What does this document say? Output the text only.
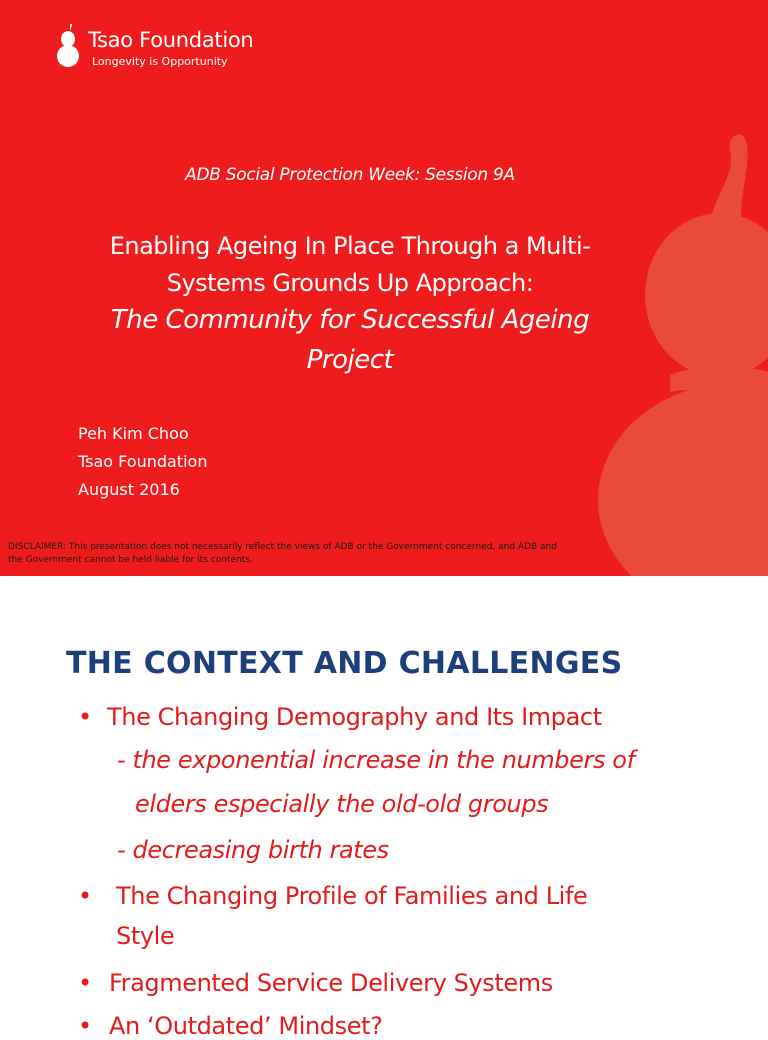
Tsao Foundation
Longevity is Opportunity
ADB Social Protection Week: Session 9A
Enabling Ageing In Place Through a Multi-
Systems Grounds Up Approach:
The Community for Successful Ageing
Project
Peh Kim Choo
Tsao Foundation
August 2016
DISCLAIMER: This presentation does not necessarily reflect the views of ADB or the Government concerned, and ADB and
the Government cannot be held liable for its contents.
THE CONTEXT AND CHALLENGES
• The Changing Demography and Its Impact
- the exponential increase in the numbers of
elders especially the old-old groups
- decreasing birth rates
• The Changing Profile of Families and Life
Style
• Fragmented Service Delivery Systems
• An ‘Outdated’ Mindset?
